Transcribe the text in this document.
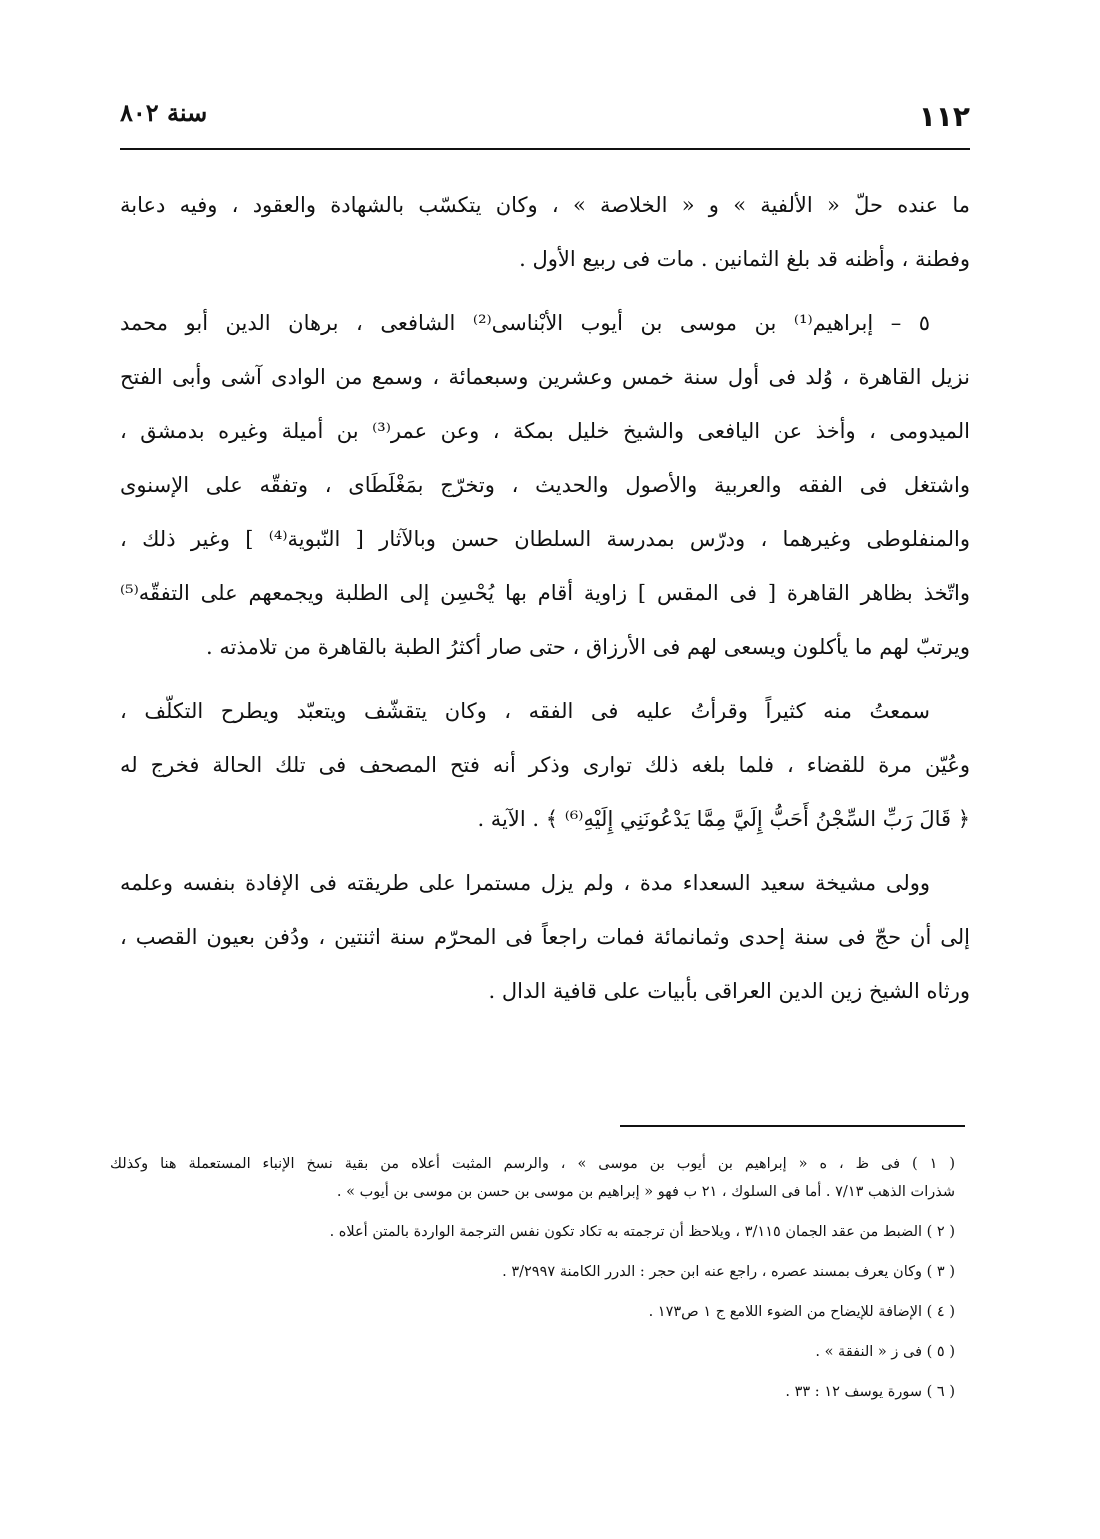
١١٢
سنة ٨٠٢
ما عنده حلّ « الألفية » و « الخلاصة » ، وكان يتكسّب بالشهادة والعقود ، وفيه دعابة
وفطنة ، وأظنه قد بلغ الثمانين . مات فى ربيع الأول .
٥ – إبراهيم⁽¹⁾ بن موسى بن أيوب الأبْناسى⁽²⁾ الشافعى ، برهان الدين أبو محمد
نزيل القاهرة ، وُلد فى أول سنة خمس وعشرين وسبعمائة ، وسمع من الوادى آشى وأبى الفتح
الميدومى ، وأخذ عن اليافعى والشيخ خليل بمكة ، وعن عمر⁽³⁾ بن أميلة وغيره بدمشق ،
واشتغل فى الفقه والعربية والأصول والحديث ، وتخرّج بمَغْلَطَاى ، وتفقّه على الإسنوى
والمنفلوطى وغيرهما ، ودرّس بمدرسة السلطان حسن وبالآثار [ النّبوية⁽⁴⁾ ] وغير ذلك ،
واتّخذ بظاهر القاهرة [ فى المقس ] زاوية أقام بها يُحْسِن إلى الطلبة ويجمعهم على التفقّه⁽⁵⁾
ويرتبّ لهم ما يأكلون ويسعى لهم فى الأرزاق ، حتى صار أكثرُ الطبة بالقاهرة من تلامذته .
سمعتُ منه كثيراً وقرأتُ عليه فى الفقه ، وكان يتقشّف ويتعبّد ويطرح التكلّف ،
وعُيّن مرة للقضاء ، فلما بلغه ذلك توارى وذكر أنه فتح المصحف فى تلك الحالة فخرج له
﴿ قَالَ رَبِّ السِّجْنُ أَحَبُّ إِلَيَّ مِمَّا يَدْعُونَنِي إِلَيْهِ⁽⁶⁾ ﴾ . الآية .
وولى مشيخة سعيد السعداء مدة ، ولم يزل مستمرا على طريقته فى الإفادة بنفسه وعلمه
إلى أن حجّ فى سنة إحدى وثمانمائة فمات راجعاً فى المحرّم سنة اثنتين ، ودُفن بعيون القصب ،
ورثاه الشيخ زين الدين العراقى بأبيات على قافية الدال .
( ١ ) فى ظ ، ه « إبراهيم بن أيوب بن موسى » ، والرسم المثبت أعلاه من بقية نسخ الإنباء المستعملة هنا وكذلك
شذرات الذهب ٧/١٣ . أما فى السلوك ، ٢١ ب فهو « إبراهيم بن موسى بن حسن بن موسى بن أيوب » .
( ٢ ) الضبط من عقد الجمان ٣/١١٥ ، ويلاحظ أن ترجمته به تكاد تكون نفس الترجمة الواردة بالمتن أعلاه .
( ٣ ) وكان يعرف بمسند عصره ، راجع عنه ابن حجر : الدرر الكامنة ٣/٢٩٩٧ .
( ٤ ) الإضافة للإيضاح من الضوء اللامع ج ١ ص١٧٣ .
( ٥ ) فى ز « النفقة » .
( ٦ ) سورة يوسف ١٢ : ٣٣ .
